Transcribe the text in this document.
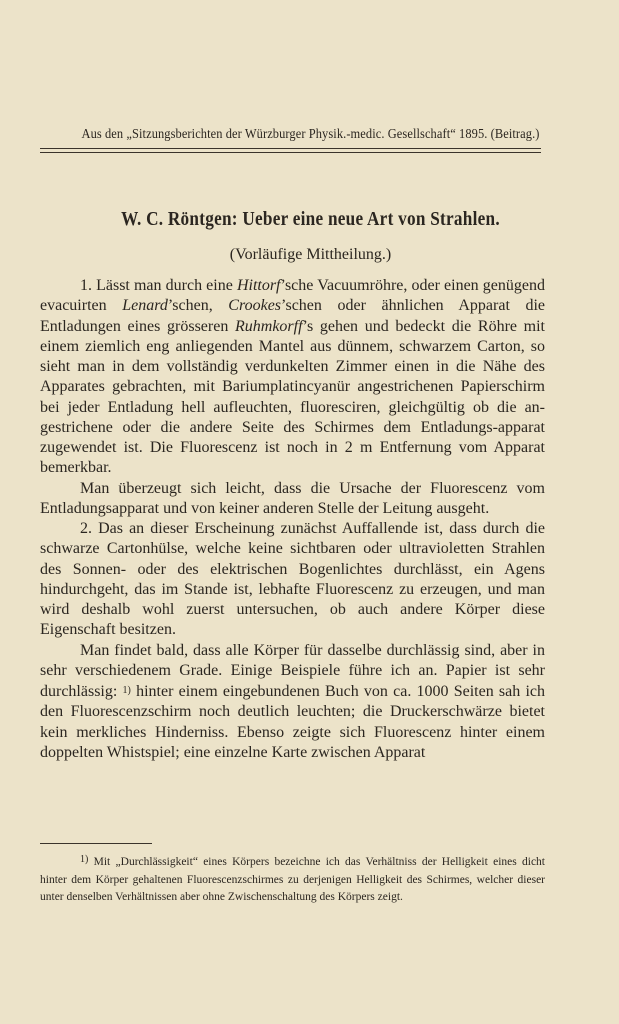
Aus den „Sitzungsberichten der Würzburger Physik.-medic. Gesellschaft“ 1895. (Beitrag.)
W. C. Röntgen: Ueber eine neue Art von Strahlen.
(Vorläufige Mittheilung.)

1. Lässt man durch eine Hittorf’sche Vacuumröhre, oder einen genügend evacuirten Lenard’schen, Crookes’schen oder ähnlichen Apparat die Entladungen eines grösseren Ruhmkorff’s gehen und bedeckt die Röhre mit einem ziemlich eng anliegenden Mantel aus dünnem, schwarzem Carton, so sieht man in dem vollständig verdunkelten Zimmer einen in die Nähe des Apparates gebrachten, mit Bariumplatincyanür angestrichenen Papierschirm bei jeder Entladung hell aufleuchten, fluoresciren, gleichgültig ob die an-gestrichene oder die andere Seite des Schirmes dem Entladungs-apparat zugewendet ist. Die Fluorescenz ist noch in 2 m Entfernung vom Apparat bemerkbar.

Man überzeugt sich leicht, dass die Ursache der Fluorescenz vom Entladungsapparat und von keiner anderen Stelle der Leitung ausgeht.

2. Das an dieser Erscheinung zunächst Auffallende ist, dass durch die schwarze Cartonhülse, welche keine sichtbaren oder ultravioletten Strahlen des Sonnen- oder des elektrischen Bogenlichtes durchlässt, ein Agens hindurchgeht, das im Stande ist, lebhafte Fluorescenz zu erzeugen, und man wird deshalb wohl zuerst untersuchen, ob auch andere Körper diese Eigenschaft besitzen.

Man findet bald, dass alle Körper für dasselbe durchlässig sind, aber in sehr verschiedenem Grade. Einige Beispiele führe ich an. Papier ist sehr durchlässig: $^{1)}$ hinter einem eingebundenen Buch von ca. 1000 Seiten sah ich den Fluorescenzschirm noch deutlich leuchten; die Druckerschwärze bietet kein merkliches Hinderniss. Ebenso zeigte sich Fluorescenz hinter einem doppelten Whistspiel; eine einzelne Karte zwischen Apparat

1) Mit „Durchlässigkeit“ eines Körpers bezeichne ich das Verhältniss der Helligkeit eines dicht hinter dem Körper gehaltenen Fluorescenzschirmes zu derjenigen Helligkeit des Schirmes, welcher dieser unter denselben Verhältnissen aber ohne Zwischenschaltung des Körpers zeigt.
